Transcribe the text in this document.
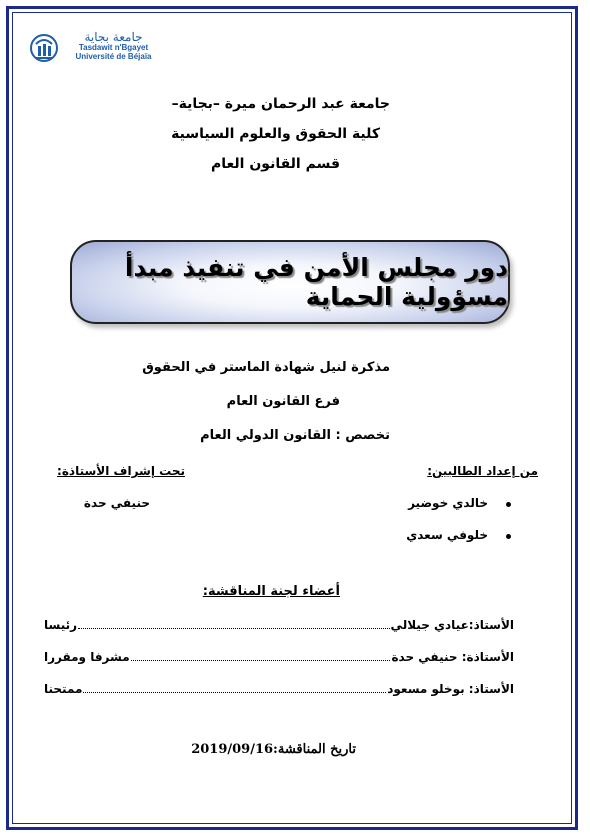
جامعة بجاية
Tasdawit n'Bgayet
Université de Béjaïa
جامعة عبد الرحمان ميرة –بجاية–
كلية الحقوق والعلوم السياسية
قسم القانون العام
دور مجلس الأمن في تنفيذ مبدأ مسؤولية الحماية
مذكرة لنيل شهادة الماستر في الحقوق
فرع القانون العام
تخصص : القانون الدولي العام
من إعداد الطالبين:
تحت إشراف الأستاذة:
خالدي خوضير
حنيفي حدة
خلوفي سعدي
أعضاء لجنة المناقشة:
الأستاذ:عيادي جيلالي
رئيسا
الأستاذة: حنيفي حدة
مشرفا ومقررا
الأستاذ: بوخلو مسعود
ممتحنا
تاريخ المناقشة:2019/09/16
